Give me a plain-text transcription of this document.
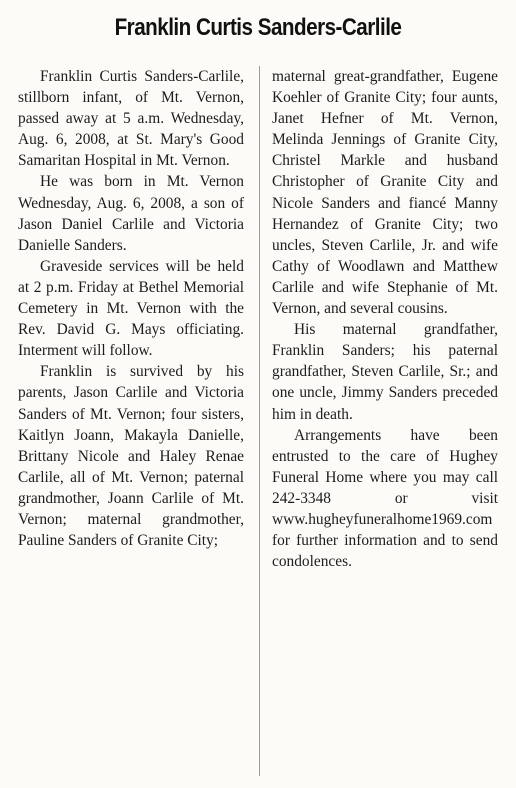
Franklin Curtis Sanders-Carlile

Franklin Curtis Sanders-Carlile, stillborn infant, of Mt. Vernon, passed away at 5 a.m. Wednesday, Aug. 6, 2008, at St. Mary's Good Samaritan Hospital in Mt. Vernon.

He was born in Mt. Vernon Wednesday, Aug. 6, 2008, a son of Jason Daniel Carlile and Victoria Danielle Sanders.

Graveside services will be held at 2 p.m. Friday at Bethel Memorial Cemetery in Mt. Vernon with the Rev. David G. Mays officiating. Interment will follow.

Franklin is survived by his parents, Jason Carlile and Victoria Sanders of Mt. Vernon; four sisters, Kaitlyn Joann, Makayla Danielle, Brittany Nicole and Haley Renae Carlile, all of Mt. Vernon; paternal grandmother, Joann Carlile of Mt. Vernon; maternal grandmother, Pauline Sanders of Granite City;

maternal great-grandfather, Eugene Koehler of Granite City; four aunts, Janet Hefner of Mt. Vernon, Melinda Jennings of Granite City, Christel Markle and husband Christopher of Granite City and Nicole Sanders and fiancé Manny Hernandez of Granite City; two uncles, Steven Carlile, Jr. and wife Cathy of Woodlawn and Matthew Carlile and wife Stephanie of Mt. Vernon, and several cousins.

His maternal grandfather, Franklin Sanders; his paternal grandfather, Steven Carlile, Sr.; and one uncle, Jimmy Sanders preceded him in death.

Arrangements have been entrusted to the care of Hughey Funeral Home where you may call 242-3348 or visit www.hugheyfuneralhome1969.com for further information and to send condolences.
